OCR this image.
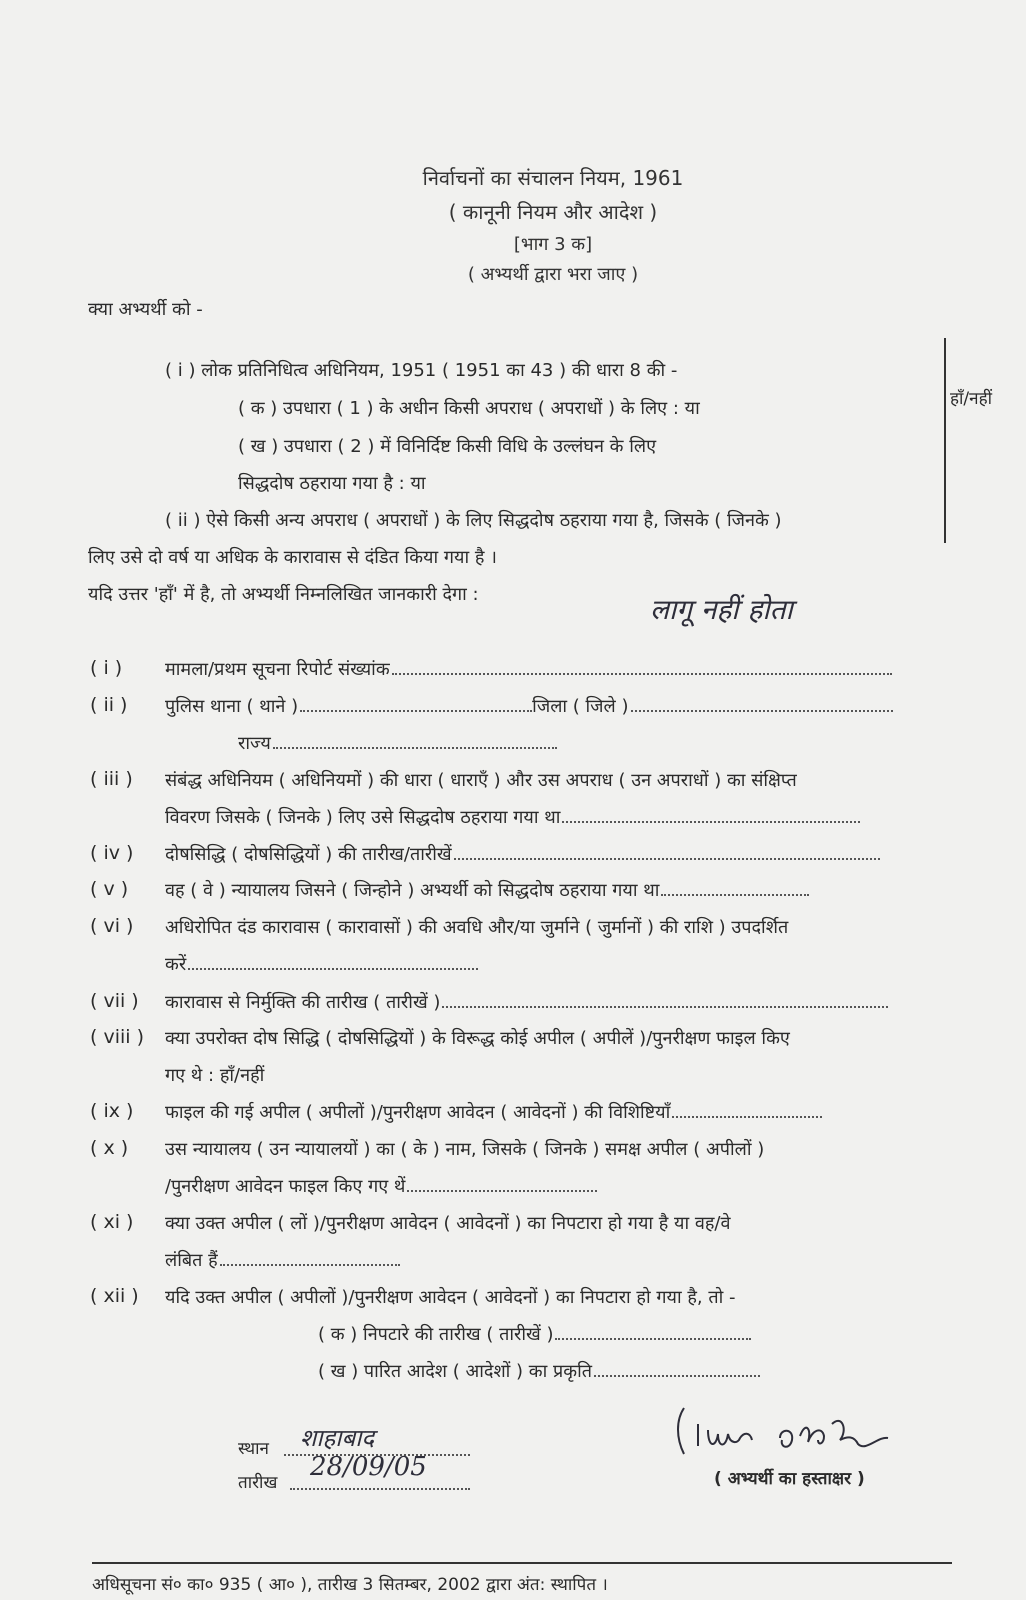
निर्वाचनों का संचालन नियम, 1961
( कानूनी नियम और आदेश )
[भाग 3 क]
( अभ्यर्थी द्वारा भरा जाए )
क्या अभ्यर्थी को -
( i ) लोक प्रतिनिधित्व अधिनियम, 1951 ( 1951 का 43 ) की धारा 8 की -
( क ) उपधारा ( 1 ) के अधीन किसी अपराध ( अपराधों ) के लिए : या
( ख ) उपधारा ( 2 ) में विनिर्दिष्ट किसी विधि के उल्लंघन के लिए
सिद्धदोष ठहराया गया है : या
( ii ) ऐसे किसी अन्य अपराध ( अपराधों ) के लिए सिद्धदोष ठहराया गया है, जिसके ( जिनके )
लिए उसे दो वर्ष या अधिक के कारावास से दंडित किया गया है ।
हाँ/नहीं
यदि उत्तर 'हाँ' में है, तो अभ्यर्थी निम्नलिखित जानकारी देगा :	लागू नहीं होता
( i ) मामला/प्रथम सूचना रिपोर्ट संख्यांक
( ii ) पुलिस थाना ( थाने )	जिला ( जिले )
राज्य
( iii ) संबंद्ध अधिनियम ( अधिनियमों ) की धारा ( धाराएँ ) और उस अपराध ( उन अपराधों ) का संक्षिप्त
विवरण जिसके ( जिनके ) लिए उसे सिद्धदोष ठहराया गया था
( iv ) दोषसिद्धि ( दोषसिद्धियों ) की तारीख/तारीखें
( v ) वह ( वे ) न्यायालय जिसने ( जिन्होने ) अभ्यर्थी को सिद्धदोष ठहराया गया था
( vi ) अधिरोपित दंड कारावास ( कारावासों ) की अवधि और/या जुर्माने ( जुर्मानों ) की राशि ) उपदर्शित
करें
( vii ) कारावास से निर्मुक्ति की तारीख ( तारीखें )
( viii ) क्या उपरोक्त दोष सिद्धि ( दोषसिद्धियों ) के विरूद्ध कोई अपील ( अपीलें )/पुनरीक्षण फाइल किए
गए थे : हाँ/नहीं
( ix ) फाइल की गई अपील ( अपीलों )/पुनरीक्षण आवेदन ( आवेदनों ) की विशिष्टियाँ
( x ) उस न्यायालय ( उन न्यायालयों ) का ( के ) नाम, जिसके ( जिनके ) समक्ष अपील ( अपीलों )
/पुनरीक्षण आवेदन फाइल किए गए थें
( xi ) क्या उक्त अपील ( लों )/पुनरीक्षण आवेदन ( आवेदनों ) का निपटारा हो गया है या वह/वे
लंबित हैं
( xii ) यदि उक्त अपील ( अपीलों )/पुनरीक्षण आवेदन ( आवेदनों ) का निपटारा हो गया है, तो -
( क ) निपटारे की तारीख ( तारीखें )
( ख ) पारित आदेश ( आदेशों ) का प्रकृति
स्थान शाहाबाद
तारीख
28/09/05	( अभ्यर्थी का हस्ताक्षर )
अधिसूचना सं० का० 935 ( आ० ), तारीख 3 सितम्बर, 2002 द्वारा अंत: स्थापित ।
